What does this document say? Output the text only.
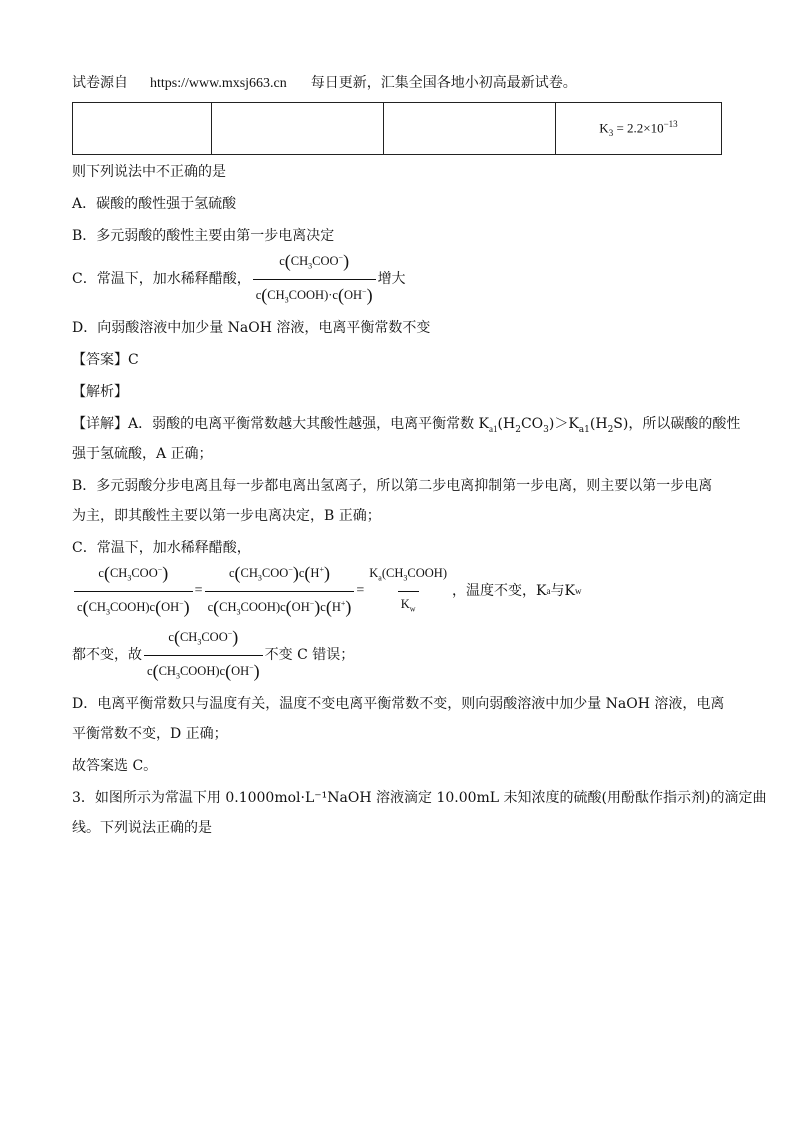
试卷源自 https://www.mxsj663.cn 每日更新，汇集全国各地小初高最新试卷。
			$K_3 = 2.2\times 10^{-13}$
则下列说法中不正确的是
A．碳酸的酸性强于氢硫酸
B．多元弱酸的酸性主要由第一步电离决定
C．常温下，加水稀释醋酸， $\frac{c(CH_3COO^-)}{c(CH_3COOH)\cdot c(OH^-)}$ 增大
D．向弱酸溶液中加少量 NaOH 溶液，电离平衡常数不变
【答案】C
【解析】
【详解】A．弱酸的电离平衡常数越大其酸性越强，电离平衡常数 $K_{a1}(H_2CO_3)>K_{a1}(H_2S)$，所以碳酸的酸性
强于氢硫酸，A 正确；
B．多元弱酸分步电离且每一步都电离出氢离子，所以第二步电离抑制第一步电离，则主要以第一步电离
为主，即其酸性主要以第一步电离决定，B 正确；
C．常温下，加水稀释醋酸，
$\frac{c(CH_3COO^-)}{c(CH_3COOH)c(OH^-)} = \frac{c(CH_3COO^-)c(H^+)}{c(CH_3COOH)c(OH^-)c(H^+)} = \frac{K_a(CH_3COOH)}{K_w}$ ，温度不变，K a 与K w
都不变，故 $\frac{c(CH_3COO^-)}{c(CH_3COOH)c(OH^-)}$ 不变 C 错误；
D．电离平衡常数只与温度有关，温度不变电离平衡常数不变，则向弱酸溶液中加少量 NaOH 溶液，电离
平衡常数不变，D 正确；
故答案选 C。
3．如图所示为常温下用 0.1000mol·L⁻¹NaOH 溶液滴定 10.00mL 未知浓度的硫酸(用酚酞作指示剂)的滴定曲
线。下列说法正确的是
